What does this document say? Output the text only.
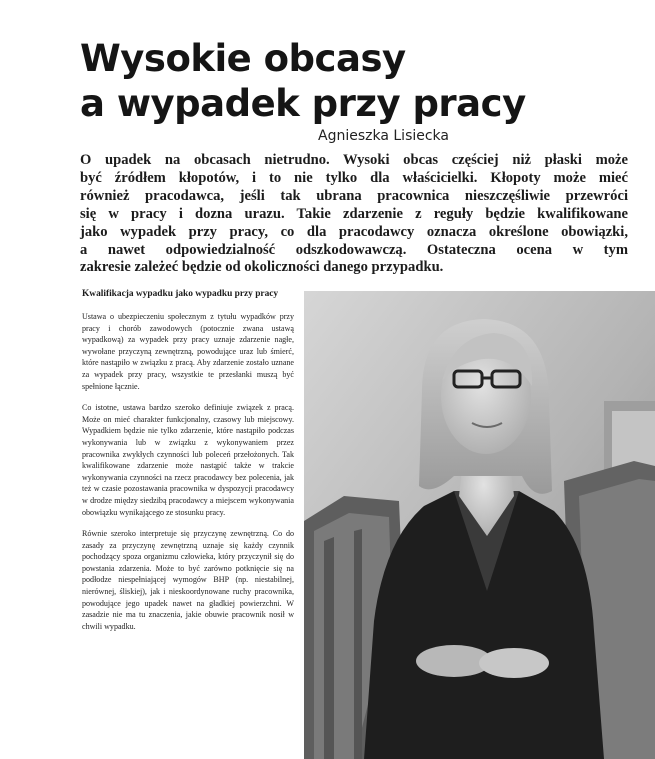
Wysokie obcasy
a wypadek przy pracy
Agnieszka Lisiecka
O upadek na obcasach nietrudno. Wysoki obcas częściej niż płaski może
być źródłem kłopotów, i to nie tylko dla właścicielki. Kłopoty może mieć
również pracodawca, jeśli tak ubrana pracownica nieszczęśliwie przewróci
się w pracy i dozna urazu. Takie zdarzenie z reguły będzie kwalifikowane
jako wypadek przy pracy, co dla pracodawcy oznacza określone obowiązki,
a nawet odpowiedzialność odszkodowawczą. Ostateczna ocena w tym
zakresie zależeć będzie od okoliczności danego przypadku.
Kwalifikacja wypadku jako wypadku przy pracy

Ustawa o ubezpieczeniu społecznym z tytułu wypadków przy pracy i chorób zawodowych (potocznie zwana ustawą wypadkową) za wypadek przy pracy uznaje zdarzenie nagłe, wywołane przyczyną zewnętrzną, powodujące uraz lub śmierć, które nastąpiło w związku z pracą. Aby zdarzenie zostało uznane za wypadek przy pracy, wszystkie te przesłanki muszą być spełnione łącznie.

Co istotne, ustawa bardzo szeroko definiuje związek z pracą. Może on mieć charakter funkcjonalny, czasowy lub miejscowy. Wypadkiem będzie nie tylko zdarzenie, które nastąpiło podczas wykonywania lub w związku z wykonywaniem przez pracownika zwykłych czynności lub poleceń przełożonych. Tak kwalifikowane zdarzenie może nastąpić także w trakcie wykonywania czynności na rzecz pracodawcy bez polecenia, jak też w czasie pozostawania pracownika w dyspozycji pracodawcy w drodze między siedzibą pracodawcy a miejscem wykonywania obowiązku wynikającego ze stosunku pracy.

Równie szeroko interpretuje się przyczynę zewnętrzną. Co do zasady za przyczynę zewnętrzną uznaje się każdy czynnik pochodzący spoza organizmu człowieka, który przyczynił się do powstania zdarzenia. Może to być zarówno potknięcie się na podłodze niespełniającej wymogów BHP (np. niestabilnej, nierównej, śliskiej), jak i nieskoordynowane ruchy pracownika, powodujące jego upadek nawet na gładkiej powierzchni. W zasadzie nie ma tu znaczenia, jakie obuwie pracownik nosił w chwili wypadku.
